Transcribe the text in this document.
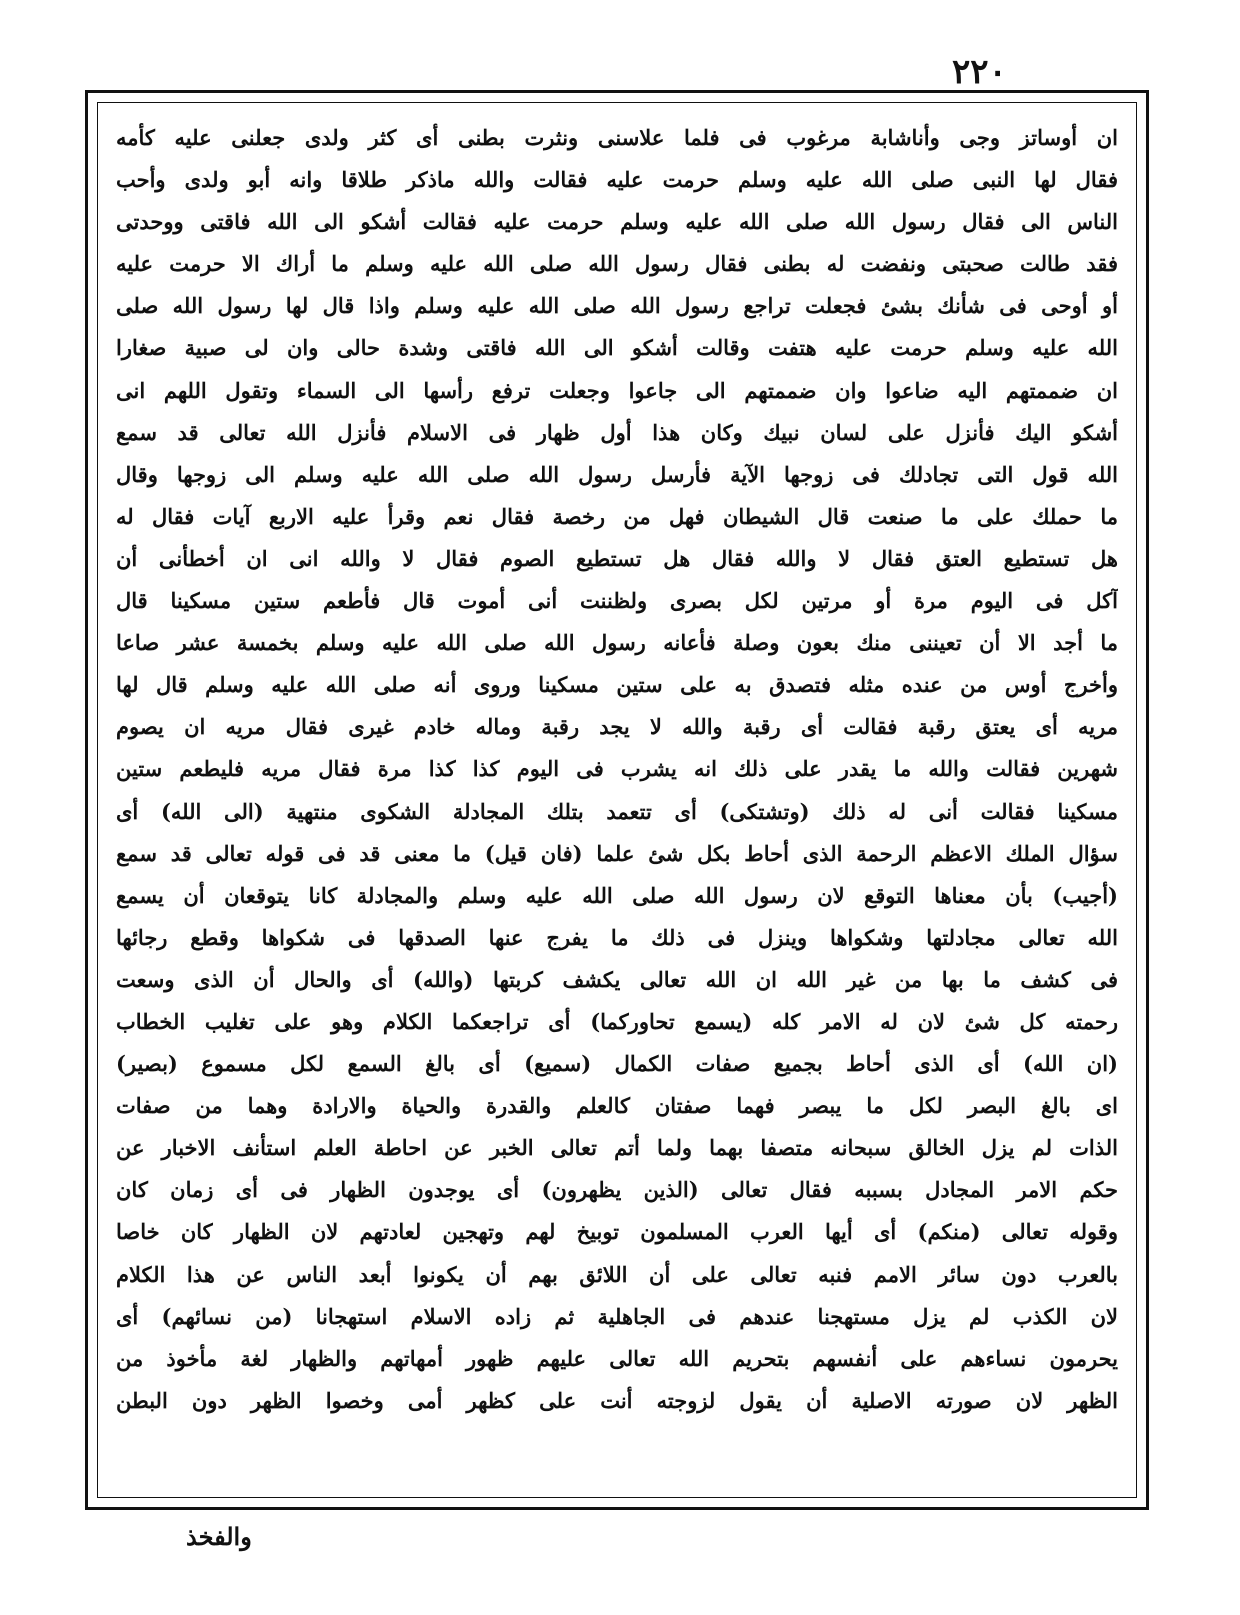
٢٢٠
ان أوساتز وجى وأناشابة مرغوب فى فلما علاسنى ونثرت بطنى أى كثر ولدى جعلنى عليه كأمه
فقال لها النبى صلى الله عليه وسلم حرمت عليه فقالت والله ماذكر طلاقا وانه أبو ولدى وأحب
الناس الى فقال رسول الله صلى الله عليه وسلم حرمت عليه فقالت أشكو الى الله فاقتى ووحدتى
فقد طالت صحبتى ونفضت له بطنى فقال رسول الله صلى الله عليه وسلم ما أراك الا حرمت عليه
أو أوحى فى شأنك بشئ فجعلت تراجع رسول الله صلى الله عليه وسلم واذا قال لها رسول الله صلى
الله عليه وسلم حرمت عليه هتفت وقالت أشكو الى الله فاقتى وشدة حالى وان لى صبية صغارا
ان ضممتهم اليه ضاعوا وان ضممتهم الى جاعوا وجعلت ترفع رأسها الى السماء وتقول اللهم انى
أشكو اليك فأنزل على لسان نبيك وكان هذا أول ظهار فى الاسلام فأنزل الله تعالى قد سمع
الله قول التى تجادلك فى زوجها الآية فأرسل رسول الله صلى الله عليه وسلم الى زوجها وقال
ما حملك على ما صنعت قال الشيطان فهل من رخصة فقال نعم وقرأ عليه الاربع آيات فقال له
هل تستطيع العتق فقال لا والله فقال هل تستطيع الصوم فقال لا والله انى ان أخطأنى أن
آكل فى اليوم مرة أو مرتين لكل بصرى ولظننت أنى أموت قال فأطعم ستين مسكينا قال
ما أجد الا أن تعيننى منك بعون وصلة فأعانه رسول الله صلى الله عليه وسلم بخمسة عشر صاعا
وأخرج أوس من عنده مثله فتصدق به على ستين مسكينا وروى أنه صلى الله عليه وسلم قال لها
مريه أى يعتق رقبة فقالت أى رقبة والله لا يجد رقبة وماله خادم غيرى فقال مريه ان يصوم
شهرين فقالت والله ما يقدر على ذلك انه يشرب فى اليوم كذا كذا مرة فقال مريه فليطعم ستين
مسكينا فقالت أنى له ذلك (وتشتكى) أى تتعمد بتلك المجادلة الشكوى منتهية (الى الله) أى
سؤال الملك الاعظم الرحمة الذى أحاط بكل شئ علما (فان قيل) ما معنى قد فى قوله تعالى قد سمع
(أجيب) بأن معناها التوقع لان رسول الله صلى الله عليه وسلم والمجادلة كانا يتوقعان أن يسمع
الله تعالى مجادلتها وشكواها وينزل فى ذلك ما يفرج عنها الصدقها فى شكواها وقطع رجائها
فى كشف ما بها من غير الله ان الله تعالى يكشف كربتها (والله) أى والحال أن الذى وسعت
رحمته كل شئ لان له الامر كله (يسمع تحاوركما) أى تراجعكما الكلام وهو على تغليب الخطاب
(ان الله) أى الذى أحاط بجميع صفات الكمال (سميع) أى بالغ السمع لكل مسموع (بصير)
اى بالغ البصر لكل ما يبصر فهما صفتان كالعلم والقدرة والحياة والارادة وهما من صفات
الذات لم يزل الخالق سبحانه متصفا بهما ولما أتم تعالى الخبر عن احاطة العلم استأنف الاخبار عن
حكم الامر المجادل بسببه فقال تعالى (الذين يظهرون) أى يوجدون الظهار فى أى زمان كان
وقوله تعالى (منكم) أى أيها العرب المسلمون توبيخ لهم وتهجين لعادتهم لان الظهار كان خاصا
بالعرب دون سائر الامم فنبه تعالى على أن اللائق بهم أن يكونوا أبعد الناس عن هذا الكلام
لان الكذب لم يزل مستهجنا عندهم فى الجاهلية ثم زاده الاسلام استهجانا (من نسائهم) أى
يحرمون نساءهم على أنفسهم بتحريم الله تعالى عليهم ظهور أمهاتهم والظهار لغة مأخوذ من
الظهر لان صورته الاصلية أن يقول لزوجته أنت على كظهر أمى وخصوا الظهر دون البطن
والفخذ
